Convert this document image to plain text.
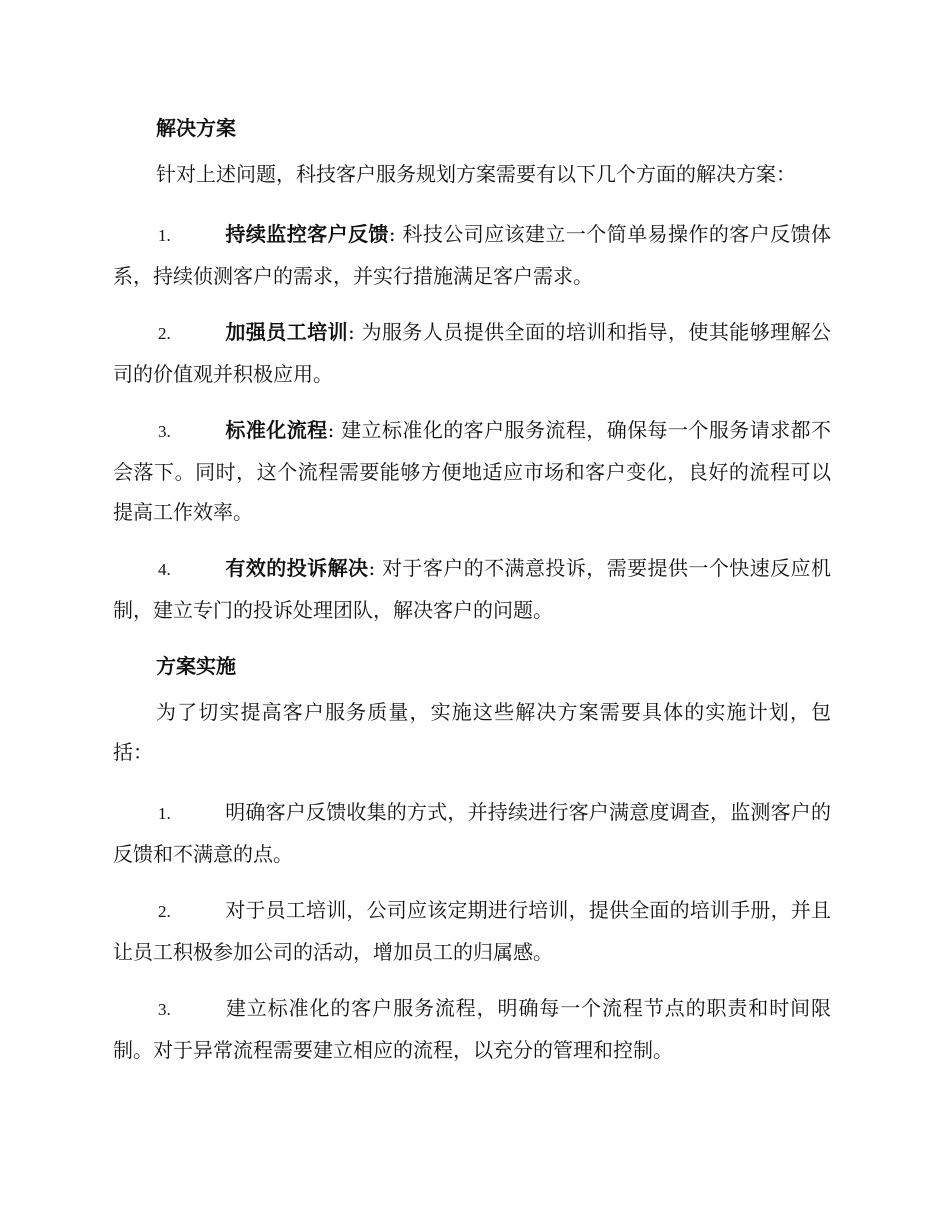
解决方案

针对上述问题，科技客户服务规划方案需要有以下几个方面的解决方案：

1.	持续监控客户反馈: 科技公司应该建立一个简单易操作的客户反馈体系，持续侦测客户的需求，并实行措施满足客户需求。

2.	加强员工培训: 为服务人员提供全面的培训和指导，使其能够理解公司的价值观并积极应用。

3.	标准化流程: 建立标准化的客户服务流程，确保每一个服务请求都不会落下。同时，这个流程需要能够方便地适应市场和客户变化，良好的流程可以提高工作效率。

4.	有效的投诉解决: 对于客户的不满意投诉，需要提供一个快速反应机制，建立专门的投诉处理团队，解决客户的问题。

方案实施

为了切实提高客户服务质量，实施这些解决方案需要具体的实施计划，包括：

1.	明确客户反馈收集的方式，并持续进行客户满意度调查，监测客户的反馈和不满意的点。

2.	对于员工培训，公司应该定期进行培训，提供全面的培训手册，并且让员工积极参加公司的活动，增加员工的归属感。

3.	建立标准化的客户服务流程，明确每一个流程节点的职责和时间限制。对于异常流程需要建立相应的流程，以充分的管理和控制。
